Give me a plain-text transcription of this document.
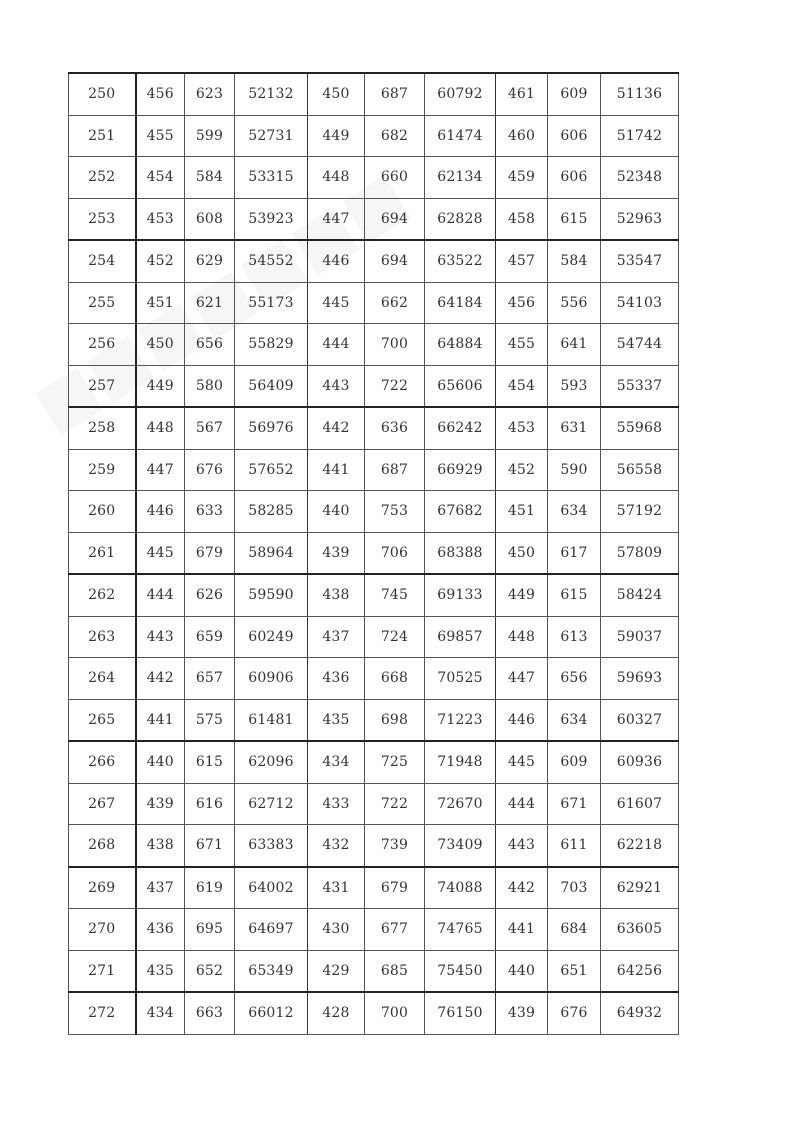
250	456	623	52132	450	687	60792	461	609	51136
251	455	599	52731	449	682	61474	460	606	51742
252	454	584	53315	448	660	62134	459	606	52348
253	453	608	53923	447	694	62828	458	615	52963
254	452	629	54552	446	694	63522	457	584	53547
255	451	621	55173	445	662	64184	456	556	54103
256	450	656	55829	444	700	64884	455	641	54744
257	449	580	56409	443	722	65606	454	593	55337
258	448	567	56976	442	636	66242	453	631	55968
259	447	676	57652	441	687	66929	452	590	56558
260	446	633	58285	440	753	67682	451	634	57192
261	445	679	58964	439	706	68388	450	617	57809
262	444	626	59590	438	745	69133	449	615	58424
263	443	659	60249	437	724	69857	448	613	59037
264	442	657	60906	436	668	70525	447	656	59693
265	441	575	61481	435	698	71223	446	634	60327
266	440	615	62096	434	725	71948	445	609	60936
267	439	616	62712	433	722	72670	444	671	61607
268	438	671	63383	432	739	73409	443	611	62218
269	437	619	64002	431	679	74088	442	703	62921
270	436	695	64697	430	677	74765	441	684	63605
271	435	652	65349	429	685	75450	440	651	64256
272	434	663	66012	428	700	76150	439	676	64932
